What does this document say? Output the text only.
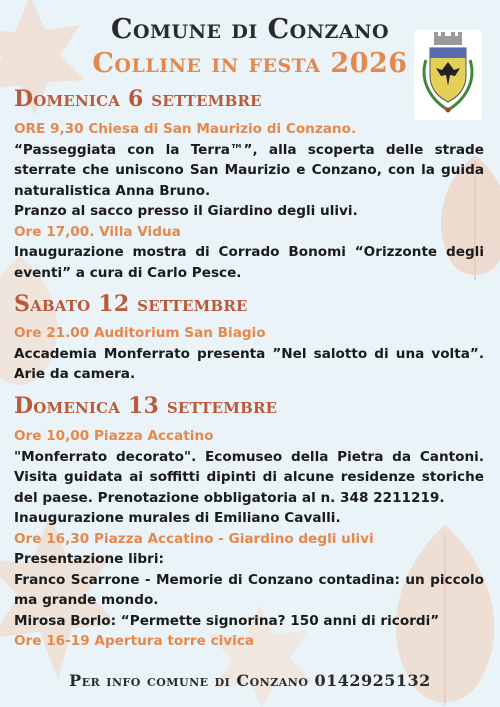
Comune di Conzano
Colline in festa 2026
Domenica 6 settembre

ORE 9,30 Chiesa di San Maurizio di Conzano.

“Passeggiata con la Terra™”, alla scoperta delle strade sterrate che uniscono San Maurizio e Conzano, con la guida naturalistica Anna Bruno.

Pranzo al sacco presso il Giardino degli ulivi.

Ore 17,00. Villa Vidua

Inaugurazione mostra di Corrado Bonomi “Orizzonte degli eventi” a cura di Carlo Pesce.

Sabato 12 settembre

Ore 21.00 Auditorium San Biagio

Accademia Monferrato presenta ”Nel salotto di una volta”. Arie da camera.

Domenica 13 settembre

Ore 10,00 Piazza Accatino

"Monferrato decorato". Ecomuseo della Pietra da Cantoni. Visita guidata ai soffitti dipinti di alcune residenze storiche del paese. Prenotazione obbligatoria al n. 348 2211219.

Inaugurazione murales di Emiliano Cavalli.

Ore 16,30 Piazza Accatino - Giardino degli ulivi

Presentazione libri:

Franco Scarrone - Memorie di Conzano contadina: un piccolo ma grande mondo.

Mirosa Borlo: “Permette signorina? 150 anni di ricordi”

Ore 16-19 Apertura torre civica

Per info comune di Conzano 0142925132
